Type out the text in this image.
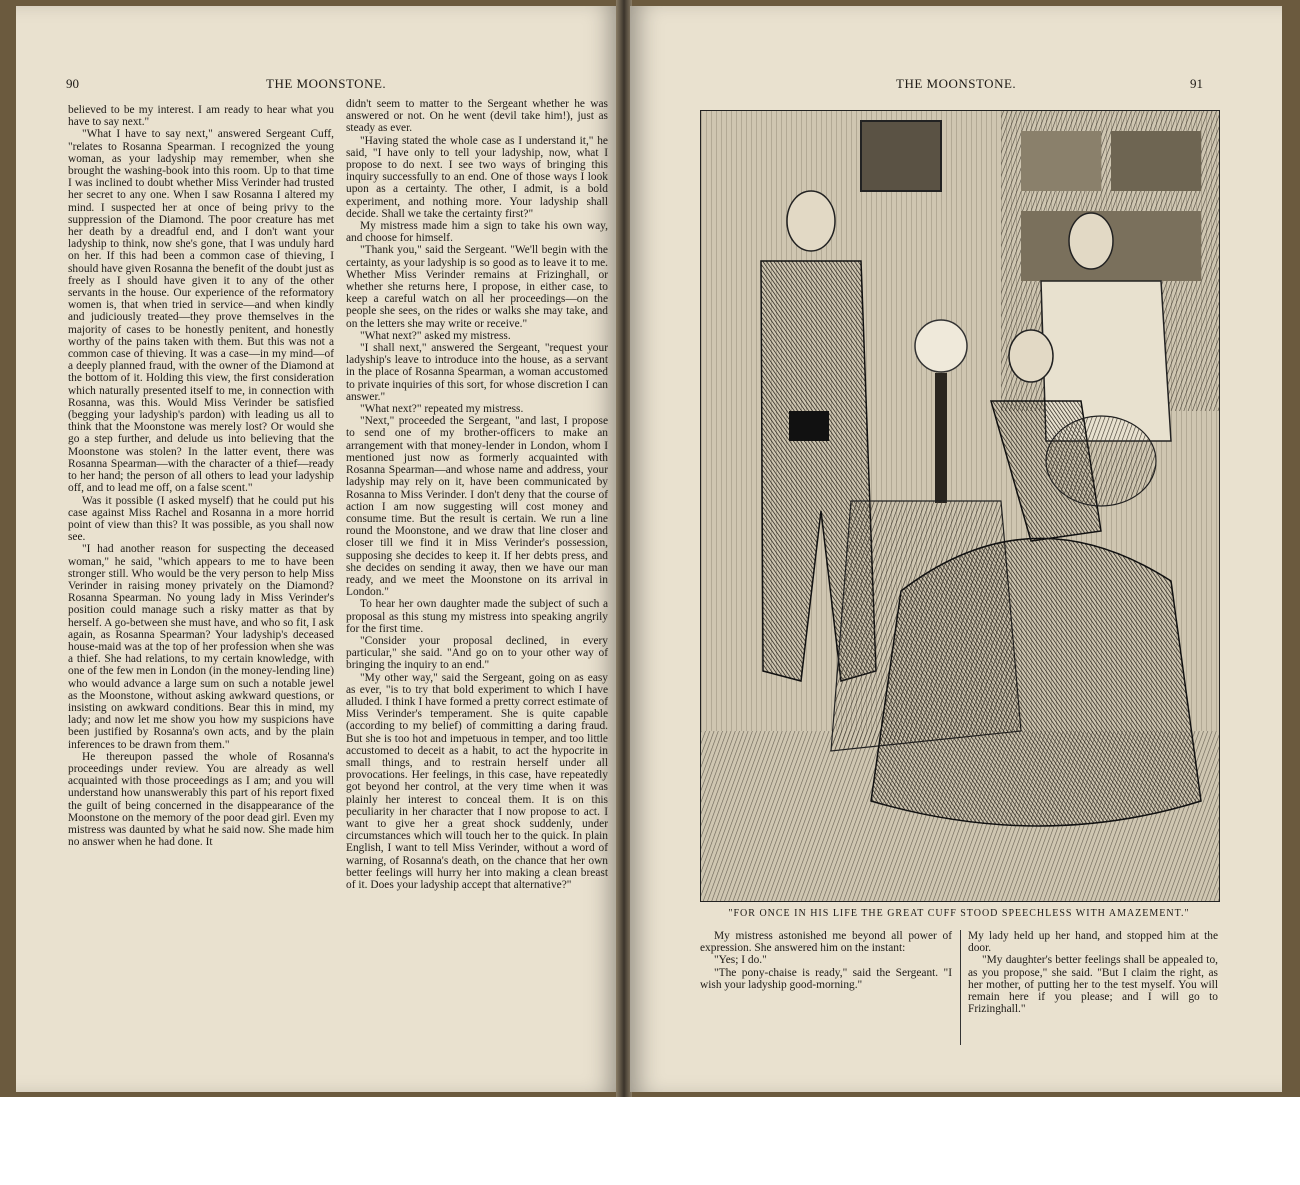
90	THE MOONSTONE.

believed to be my interest. I am ready to hear what you have to say next."

"What I have to say next," answered Sergeant Cuff, "relates to Rosanna Spearman. I recognized the young woman, as your ladyship may remember, when she brought the washing-book into this room. Up to that time I was inclined to doubt whether Miss Verinder had trusted her secret to any one. When I saw Rosanna I altered my mind. I suspected her at once of being privy to the suppression of the Diamond. The poor creature has met her death by a dreadful end, and I don't want your ladyship to think, now she's gone, that I was unduly hard on her. If this had been a common case of thieving, I should have given Rosanna the benefit of the doubt just as freely as I should have given it to any of the other servants in the house. Our experience of the reformatory women is, that when tried in service—and when kindly and judiciously treated—they prove themselves in the majority of cases to be honestly penitent, and honestly worthy of the pains taken with them. But this was not a common case of thieving. It was a case—in my mind—of a deeply planned fraud, with the owner of the Diamond at the bottom of it. Holding this view, the first consideration which naturally presented itself to me, in connection with Rosanna, was this. Would Miss Verinder be satisfied (begging your ladyship's pardon) with leading us all to think that the Moonstone was merely lost? Or would she go a step further, and delude us into believing that the Moonstone was stolen? In the latter event, there was Rosanna Spearman—with the character of a thief—ready to her hand; the person of all others to lead your ladyship off, and to lead me off, on a false scent."

Was it possible (I asked myself) that he could put his case against Miss Rachel and Rosanna in a more horrid point of view than this? It was possible, as you shall now see.

"I had another reason for suspecting the deceased woman," he said, "which appears to me to have been stronger still. Who would be the very person to help Miss Verinder in raising money privately on the Diamond? Rosanna Spearman. No young lady in Miss Verinder's position could manage such a risky matter as that by herself. A go-between she must have, and who so fit, I ask again, as Rosanna Spearman? Your ladyship's deceased house-maid was at the top of her profession when she was a thief. She had relations, to my certain knowledge, with one of the few men in London (in the money-lending line) who would advance a large sum on such a notable jewel as the Moonstone, without asking awkward questions, or insisting on awkward conditions. Bear this in mind, my lady; and now let me show you how my suspicions have been justified by Rosanna's own acts, and by the plain inferences to be drawn from them."

He thereupon passed the whole of Rosanna's proceedings under review. You are already as well acquainted with those proceedings as I am; and you will understand how unanswerably this part of his report fixed the guilt of being concerned in the disappearance of the Moonstone on the memory of the poor dead girl. Even my mistress was daunted by what he said now. She made him no answer when he had done. It

didn't seem to matter to the Sergeant whether he was answered or not. On he went (devil take him!), just as steady as ever.

"Having stated the whole case as I understand it," he said, "I have only to tell your ladyship, now, what I propose to do next. I see two ways of bringing this inquiry successfully to an end. One of those ways I look upon as a certainty. The other, I admit, is a bold experiment, and nothing more. Your ladyship shall decide. Shall we take the certainty first?"

My mistress made him a sign to take his own way, and choose for himself.

"Thank you," said the Sergeant. "We'll begin with the certainty, as your ladyship is so good as to leave it to me. Whether Miss Verinder remains at Frizinghall, or whether she returns here, I propose, in either case, to keep a careful watch on all her proceedings—on the people she sees, on the rides or walks she may take, and on the letters she may write or receive."

"What next?" asked my mistress.

"I shall next," answered the Sergeant, "request your ladyship's leave to introduce into the house, as a servant in the place of Rosanna Spearman, a woman accustomed to private inquiries of this sort, for whose discretion I can answer."

"What next?" repeated my mistress.

"Next," proceeded the Sergeant, "and last, I propose to send one of my brother-officers to make an arrangement with that money-lender in London, whom I mentioned just now as formerly acquainted with Rosanna Spearman—and whose name and address, your ladyship may rely on it, have been communicated by Rosanna to Miss Verinder. I don't deny that the course of action I am now suggesting will cost money and consume time. But the result is certain. We run a line round the Moonstone, and we draw that line closer and closer till we find it in Miss Verinder's possession, supposing she decides to keep it. If her debts press, and she decides on sending it away, then we have our man ready, and we meet the Moonstone on its arrival in London."

To hear her own daughter made the subject of such a proposal as this stung my mistress into speaking angrily for the first time.

"Consider your proposal declined, in every particular," she said. "And go on to your other way of bringing the inquiry to an end."

"My other way," said the Sergeant, going on as easy as ever, "is to try that bold experiment to which I have alluded. I think I have formed a pretty correct estimate of Miss Verinder's temperament. She is quite capable (according to my belief) of committing a daring fraud. But she is too hot and impetuous in temper, and too little accustomed to deceit as a habit, to act the hypocrite in small things, and to restrain herself under all provocations. Her feelings, in this case, have repeatedly got beyond her control, at the very time when it was plainly her interest to conceal them. It is on this peculiarity in her character that I now propose to act. I want to give her a great shock suddenly, under circumstances which will touch her to the quick. In plain English, I want to tell Miss Verinder, without a word of warning, of Rosanna's death, on the chance that her own better feelings will hurry her into making a clean breast of it. Does your ladyship accept that alternative?"

THE MOONSTONE.	91
"FOR ONCE IN HIS LIFE THE GREAT CUFF STOOD SPEECHLESS WITH AMAZEMENT."

My mistress astonished me beyond all power of expression. She answered him on the instant:

"Yes; I do."

"The pony-chaise is ready," said the Sergeant. "I wish your ladyship good-morning."

My lady held up her hand, and stopped him at the door.

"My daughter's better feelings shall be appealed to, as you propose," she said. "But I claim the right, as her mother, of putting her to the test myself. You will remain here if you please; and I will go to Frizinghall."
